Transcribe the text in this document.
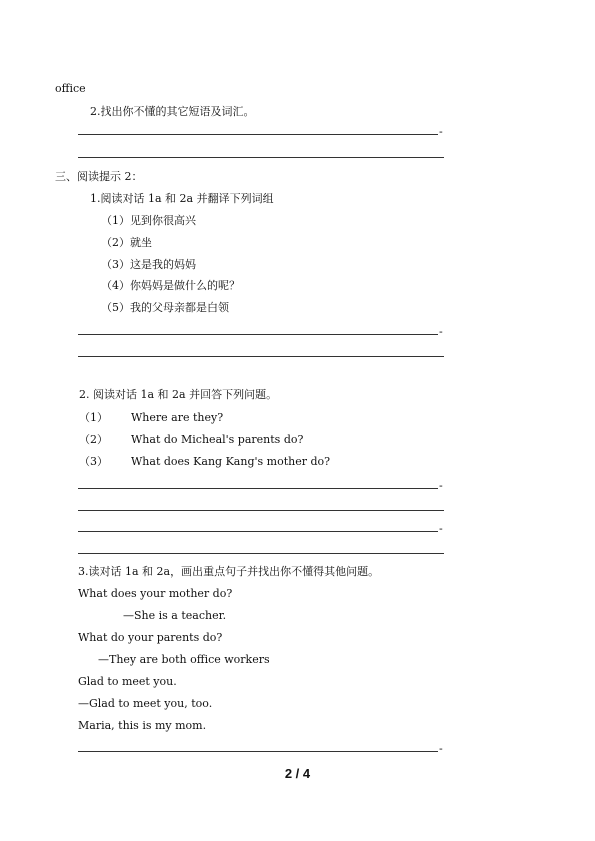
office
2.找出你不懂的其它短语及词汇。
-
三、阅读提示 2：
1.阅读对话 1a 和 2a 并翻译下列词组
（1）见到你很高兴
（2）就坐
（3）这是我的妈妈
（4）你妈妈是做什么的呢？
（5）我的父母亲都是白领
-
2. 阅读对话 1a 和 2a 并回答下列问题。
（1） Where are they?
（2） What do Micheal's parents do?
（3） What does Kang Kang's mother do?
-
-
3.读对话 1a 和 2a，画出重点句子并找出你不懂得其他问题。
What does your mother do?
—She is a teacher.
What do your parents do?
—They are both office workers
Glad to meet you.
—Glad to meet you, too.
Maria, this is my mom.
-
2 / 4
